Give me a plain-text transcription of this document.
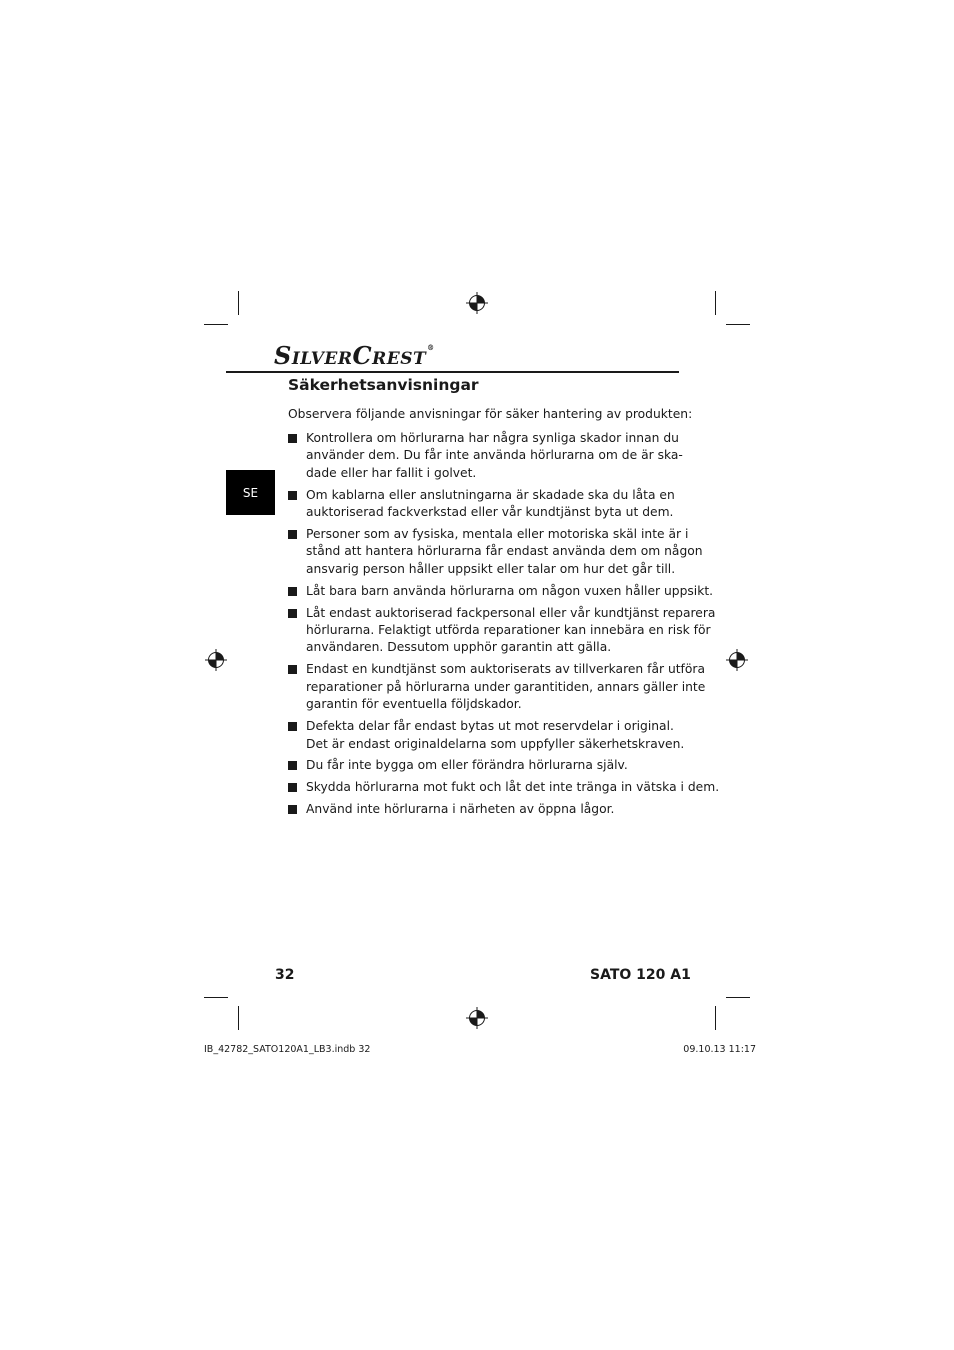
SILVERCREST®
SE
Säkerhetsanvisningar
Observera följande anvisningar för säker hantering av produkten:
Kontrollera om hörlurarna har några synliga skador innan du
använder dem. Du får inte använda hörlurarna om de är ska-
dade eller har fallit i golvet.
Om kablarna eller anslutningarna är skadade ska du låta en
auktoriserad fackverkstad eller vår kundtjänst byta ut dem.
Personer som av fysiska, mentala eller motoriska skäl inte är i
stånd att hantera hörlurarna får endast använda dem om någon
ansvarig person håller uppsikt eller talar om hur det går till.
Låt bara barn använda hörlurarna om någon vuxen håller uppsikt.
Låt endast auktoriserad fackpersonal eller vår kundtjänst reparera
hörlurarna. Felaktigt utförda reparationer kan innebära en risk för
användaren. Dessutom upphör garantin att gälla.
Endast en kundtjänst som auktoriserats av tillverkaren får utföra
reparationer på hörlurarna under garantitiden, annars gäller inte
garantin för eventuella följdskador.
Defekta delar får endast bytas ut mot reservdelar i original.
Det är endast originaldelarna som uppfyller säkerhetskraven.
Du får inte bygga om eller förändra hörlurarna själv.
Skydda hörlurarna mot fukt och låt det inte tränga in vätska i dem.
Använd inte hörlurarna i närheten av öppna lågor.
32	SATO 120 A1
IB_42782_SATO120A1_LB3.indb 32	09.10.13 11:17
